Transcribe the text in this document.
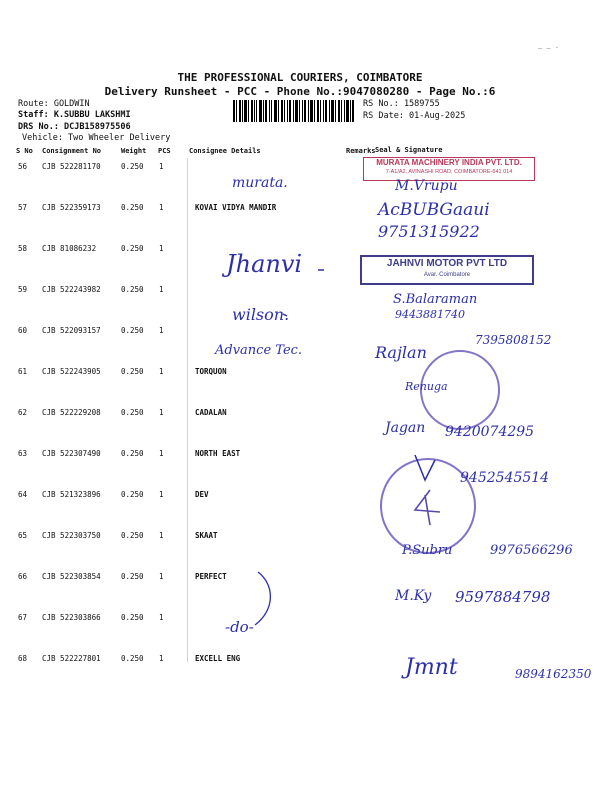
– – ·
THE PROFESSIONAL COURIERS, COIMBATORE
Delivery Runsheet - PCC - Phone No.:9047080280 - Page No.:6
Route: GOLDWIN
Staff: K.SUBBU LAKSHMI
DRS No.: DCJB158975506
Vehicle: Two Wheeler Delivery
RS No.: 1589755
RS Date: 01-Aug-2025
S No Consignment No	Weight PCS	Consignee Details	Remarks Seal & Signature
56 CJB 522281170	0.250 1
57 CJB 522359173	0.250 1	KOVAI VIDYA MANDIR
58 CJB 81086232	0.250 1
59 CJB 522243982	0.250 1
60 CJB 522093157	0.250 1
61 CJB 522243905	0.250 1	TORQUON
62 CJB 522229208	0.250 1	CADALAN
63 CJB 522307490	0.250 1	NORTH EAST
64 CJB 521323896	0.250 1	DEV
65 CJB 522303750	0.250 1	SKAAT
66 CJB 522303854	0.250 1	PERFECT
67 CJB 522303866	0.250 1
68 CJB 522227801	0.250 1	EXCELL ENG
MURATA MACHINERY INDIA PVT. LTD.
7-A1/A2, AVINASHI ROAD, COIMBATORE-641 014
JAHNVI MOTOR PVT LTD
Avar. Coimbatore
murata.	M.Vrupu
AcBUBGaaui
9751315922
Jhanvi
wilson.
S.Balaraman
9443881740
Advance Tec.	Rajlan
7395808152
Renuga
Jagan 9420074295
9452545514
P.Subru	9976566296
M.Ky 9597884798
-do-
Jmnt	9894162350
